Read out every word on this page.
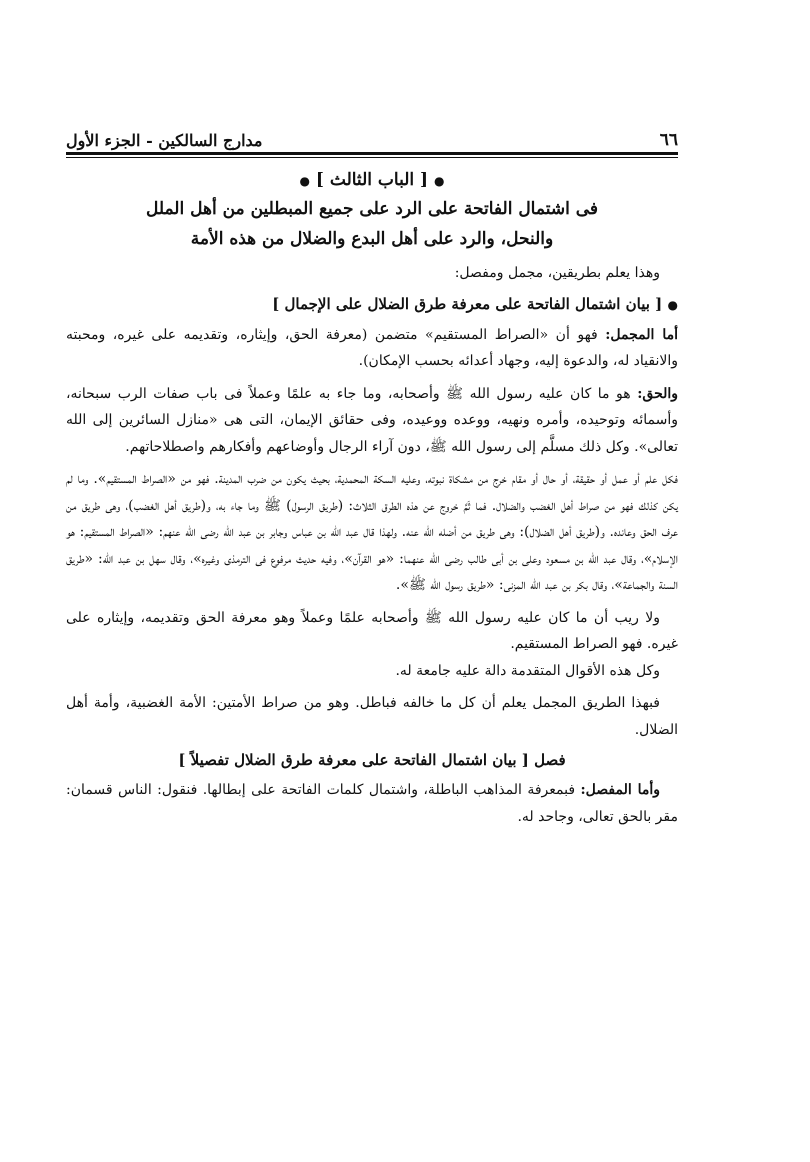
٦٦
مدارج السالكين - الجزء الأول
● [ الباب الثالث ] ●
فى اشتمال الفاتحة على الرد على جميع المبطلين من أهل الملل
والنحل، والرد على أهل البدع والضلال من هذه الأمة

وهذا يعلم بطريقين، مجمل ومفصل:

● [ بيان اشتمال الفاتحة على معرفة طرق الضلال على الإجمال ]

أما المجمل: فهو أن «الصراط المستقيم» متضمن (معرفة الحق، وإيثاره، وتقديمه على غيره، ومحبته والانقياد له، والدعوة إليه، وجهاد أعدائه بحسب الإمكان).

والحق: هو ما كان عليه رسول الله ﷺ وأصحابه، وما جاء به علمًا وعملاً فى باب صفات الرب سبحانه، وأسمائه وتوحيده، وأمره ونهيه، ووعده ووعيده، وفى حقائق الإيمان، التى هى «منازل السائرين إلى الله تعالى». وكل ذلك مسلَّم إلى رسول الله ﷺ، دون آراء الرجال وأوضاعهم وأفكارهم واصطلاحاتهم.

فكل علم أو عمل أو حقيقة، أو حال أو مقام خرج من مشكاة نبوته، وعليه السكة المحمدية، بحيث يكون من ضرب المدينة. فهو من «الصراط المستقيم». وما لم يكن كذلك فهو من صراط أهل الغضب والضلال. فما ثَمَّ خروج عن هذه الطرق الثلاث: (طريق الرسول) ﷺ وما جاء به، و(طريق أهل الغضب)، وهى طريق من عرف الحق وعانده. و(طريق أهل الضلال): وهى طريق من أضله الله عنه. ولهذا قال عبد الله بن عباس وجابر بن عبد الله رضى الله عنهم: «الصراط المستقيم: هو الإسلام»، وقال عبد الله بن مسعود وعلى بن أبى طالب رضى الله عنهما: «هو القرآن»، وفيه حديث مرفوع فى الترمذى وغيره»، وقال سهل بن عبد الله: «طريق السنة والجماعة»، وقال بكر بن عبد الله المزنى: «طريق رسول الله ﷺ».

ولا ريب أن ما كان عليه رسول الله ﷺ وأصحابه علمًا وعملاً وهو معرفة الحق وتقديمه، وإيثاره على غيره. فهو الصراط المستقيم.

وكل هذه الأقوال المتقدمة دالة عليه جامعة له.

فبهذا الطريق المجمل يعلم أن كل ما خالفه فباطل. وهو من صراط الأمتين: الأمة الغضبية، وأمة أهل الضلال.

فصل [ بيان اشتمال الفاتحة على معرفة طرق الضلال تفصيلاً ]

وأما المفصل: فبمعرفة المذاهب الباطلة، واشتمال كلمات الفاتحة على إبطالها. فنقول: الناس قسمان: مقر بالحق تعالى، وجاحد له.
